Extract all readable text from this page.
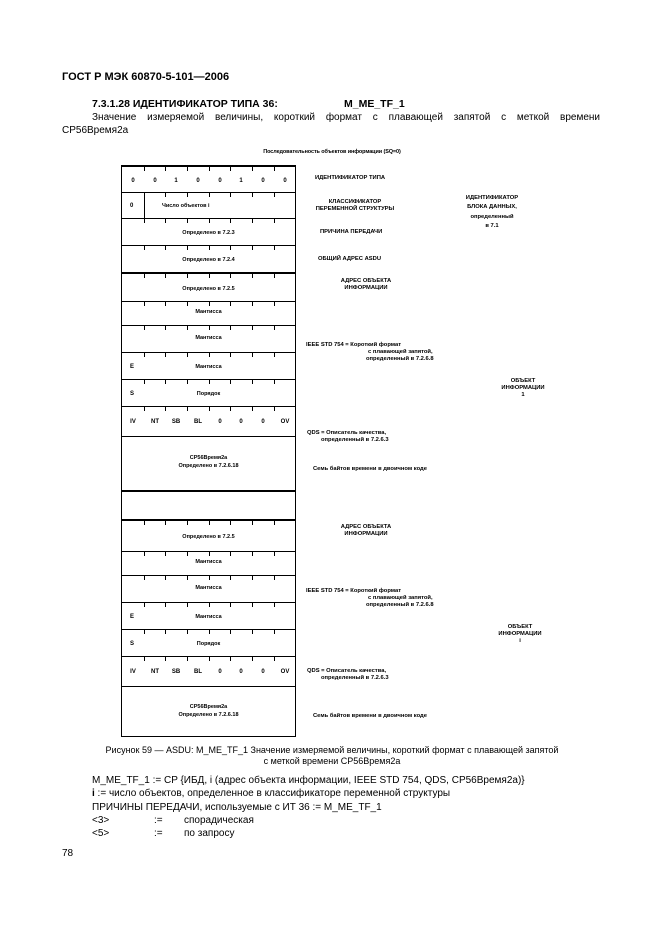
ГОСТ Р МЭК 60870-5-101—2006
7.3.1.28 ИДЕНТИФИКАТОР ТИПА 36:	M_ME_TF_1
Значение измеряемой величины, короткий формат с плавающей запятой с меткой времени
CP56Время2а
Последовательность объектов информации (SQ=0)
0	0	1	0	0	1	0	0
0	Число объектов i
Определено в 7.2.3
Определено в 7.2.4
Определено в 7.2.5
Мантисса
Мантисса
E	Мантисса
S	Порядок
IV	NT SB BL	0	0	0	OV
CP56Время2а
Определено в 7.2.6.18
Определено в 7.2.5
Мантисса
Мантисса
E	Мантисса
S	Порядок
IV	NT SB BL	0	0	0	OV
CP56Время2а
Определено в 7.2.6.18
ИДЕНТИФИКАТОР ТИПА
КЛАССИФИКАТОР
ПЕРЕМЕННОЙ СТРУКТУРЫ
ПРИЧИНА ПЕРЕДАЧИ
ОБЩИЙ АДРЕС ASDU
ИДЕНТИФИКАТОР
БЛОКА ДАННЫХ,
определенный
в 7.1
АДРЕС ОБЪЕКТА
ИНФОРМАЦИИ
IEEE STD 754 = Короткий формат
с плавающей запятой,
определенный в 7.2.6.8
QDS = Описатель качества,
определенный в 7.2.6.3
Семь байтов времени в двоичном коде
ОБЪЕКТ
ИНФОРМАЦИИ
1
АДРЕС ОБЪЕКТА
ИНФОРМАЦИИ
IEEE STD 754 = Короткий формат
с плавающей запятой,
определенный в 7.2.6.8
QDS = Описатель качества,
определенный в 7.2.6.3
Семь байтов времени в двоичном коде
ОБЪЕКТ
ИНФОРМАЦИИ
i
Рисунок 59 — ASDU: M_ME_TF_1 Значение измеряемой величины, короткий формат с плавающей запятой
с меткой времени CP56Время2а
M_ME_TF_1 := CP {ИБД, i (адрес объекта информации, IEEE STD 754, QDS, CP56Время2а)}
i := число объектов, определенное в классификаторе переменной структуры
ПРИЧИНЫ ПЕРЕДАЧИ, используемые с ИТ 36 := M_ME_TF_1
<3>	:= спорадическая
<5>	:= по запросу
78
